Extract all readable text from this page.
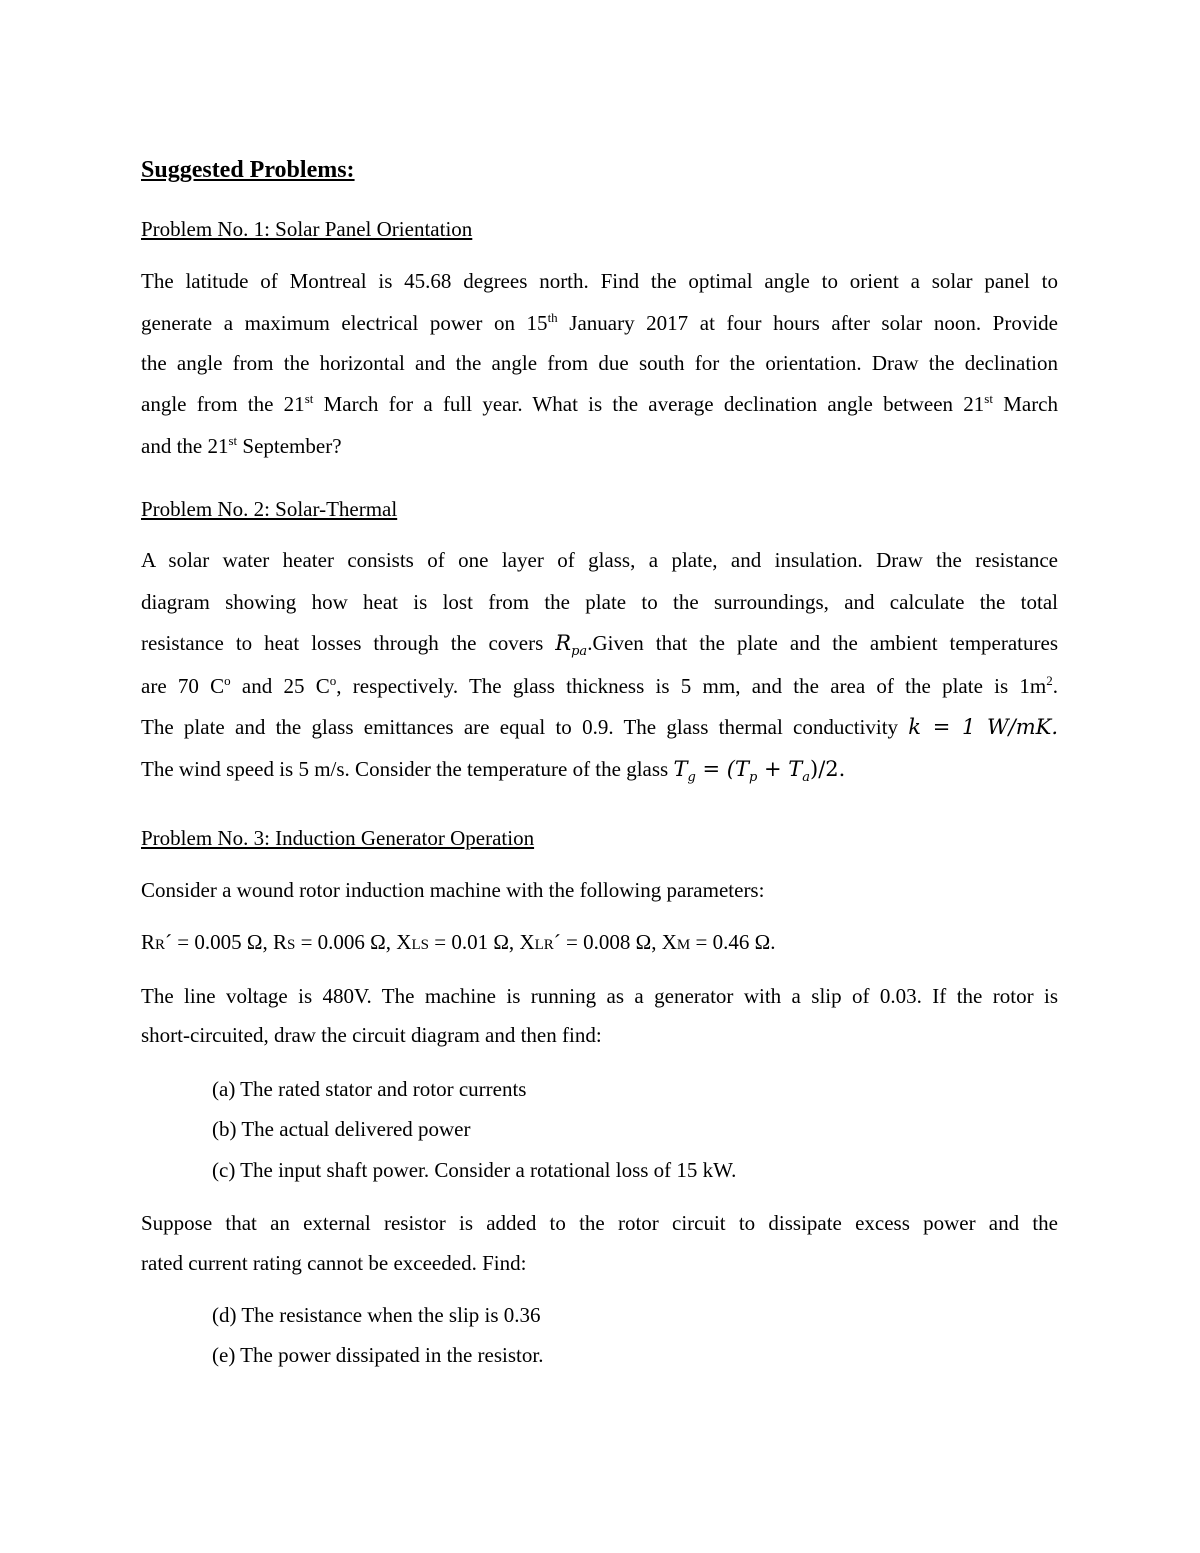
Suggested Problems:
Problem No. 1: Solar Panel Orientation
The latitude of Montreal is 45.68 degrees north. Find the optimal angle to orient a solar panel to
generate a maximum electrical power on 15th January 2017 at four hours after solar noon. Provide
the angle from the horizontal and the angle from due south for the orientation. Draw the declination
angle from the 21st March for a full year. What is the average declination angle between 21st March
and the 21st September?
Problem No. 2: Solar-Thermal
A solar water heater consists of one layer of glass, a plate, and insulation. Draw the resistance
diagram showing how heat is lost from the plate to the surroundings, and calculate the total
resistance to heat losses through the covers $R_{pa}.Given$ that the plate and the ambient temperatures
are 70 $C^o$ and 25 $C^o$, respectively. The glass thickness is 5 mm, and the area of the plate is $1m^2$.
The plate and the glass emittances are equal to 0.9. The glass thermal conductivity k = 1 W/mK.
The wind speed is 5 m/s. Consider the temperature of the glass $T_g = (T_p + T_a)/2$.
Problem No. 3: Induction Generator Operation
Consider a wound rotor induction machine with the following parameters:
RR´ = 0.005 Ω, RS = 0.006 Ω, XLS = 0.01 Ω, XLR´ = 0.008 Ω, XM = 0.46 Ω.
The line voltage is 480V. The machine is running as a generator with a slip of 0.03. If the rotor is
short-circuited, draw the circuit diagram and then find:
(a) The rated stator and rotor currents
(b) The actual delivered power
(c) The input shaft power. Consider a rotational loss of 15 kW.
Suppose that an external resistor is added to the rotor circuit to dissipate excess power and the
rated current rating cannot be exceeded. Find:
(d) The resistance when the slip is 0.36
(e) The power dissipated in the resistor.
